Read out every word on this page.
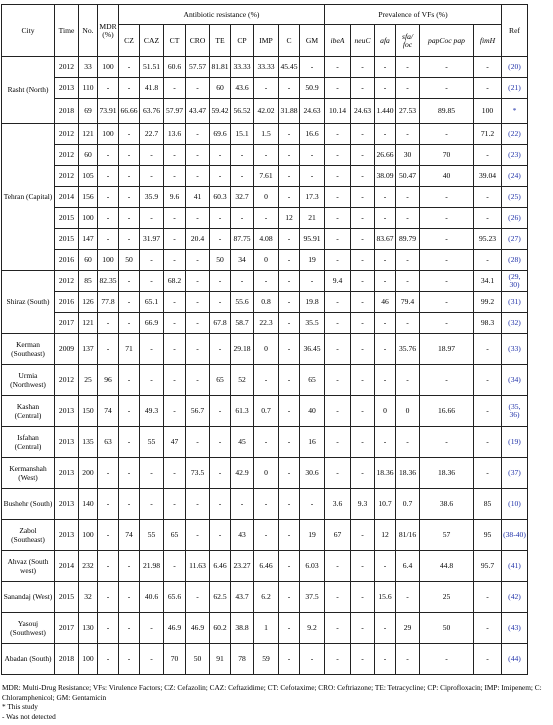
City	Time	No.	MDR (%)	Antibiotic resistance (%)									Prevalence of VFs (%)						Ref
				CZ	CAZ	CT	CRO	TE	CP	IMP	C	GM	ibeA	neuC	afa	sfa/ foc	papCoc pap	fimH	
Rasht (North)	2012	33	100	-	51.51	60.6	57.57	81.81	33.33	33.33	45.45	-	-	-	-	-	-	-	(20)
	2013	110	-	-	41.8	-	-	60	43.6	-	-	50.9	-	-	-	-	-	-	(21)
	2018	69	73.91	66.66	63.76	57.97	43.47	59.42	56.52	42.02	31.88	24.63	10.14	24.63	1.440	27.53	89.85	100	*
Tehran (Capital)	2012	121	100	-	22.7	13.6	-	69.6	15.1	1.5	-	16.6	-	-	-	-	-	71.2	(22)
	2012	60	-	-	-	-	-	-	-	-	-	-	-	-	26.66	30	70	-	(23)
	2012	105	-	-	-	-	-	-	-	7.61	-	-	-	-	38.09	50.47	40	39.04	(24)
	2014	156	-	-	35.9	9.6	41	60.3	32.7	0	-	17.3	-	-	-	-	-	-	(25)
	2015	100	-	-	-	-	-	-	-	-	12	21	-	-	-	-	-	-	(26)
	2015	147	-	-	31.97	-	20.4	-	87.75	4.08	-	95.91	-	-	83.67	89.79	-	95.23	(27)
	2016	60	100	50	-	-	-	50	34	0	-	19	-	-	-	-	-	-	(28)
Shiraz (South)	2012	85	82.35	-	-	68.2	-	-	-	-	-	-	9.4	-	-	-	-	34.1	(29, 30)
	2016	126	77.8	-	65.1	-	-	-	55.6	0.8	-	19.8	-	-	46	79.4	-	99.2	(31)
	2017	121	-	-	66.9	-	-	67.8	58.7	22.3	-	35.5	-	-	-	-	-	98.3	(32)
Kerman (Southeast)	2009	137	-	71	-	-	-	-	29.18	0	-	36.45	-	-	-	35.76	18.97	-	(33)
Urmia (Northwest)	2012	25	96	-	-	-	-	65	52	-	-	65	-	-	-	-	-	-	(34)
Kashan (Central)	2013	150	74	-	49.3	-	56.7	-	61.3	0.7	-	40	-	-	0	0	16.66	-	(35, 36)
Isfahan (Central)	2013	135	63	-	55	47	-	-	45	-	-	16	-	-	-	-	-	-	(19)
Kermanshah (West)	2013	200	-	-	-	-	73.5	-	42.9	0	-	30.6	-	-	18.36	18.36	18.36	-	(37)
Bushehr (South)	2013	140	-	-	-	-	-	-	-	-	-	-	3.6	9.3	10.7	0.7	38.6	85	(10)
Zabol (Southeast)	2013	100	-	74	55	65	-	-	43	-	-	19	67	-	12	81/16	57	95	(38-40)
Ahvaz (South west)	2014	232	-	-	21.98	-	11.63	6.46	23.27	6.46	-	6.03	-	-	-	6.4	44.8	95.7	(41)
Sanandaj (West)	2015	32	-	-	40.6	65.6	-	62.5	43.7	6.2	-	37.5	-	-	15.6	-	25	-	(42)
Yasouj (Southwest)	2017	130	-	-	-	46.9	46.9	60.2	38.8	1	-	9.2	-	-	-	29	50	-	(43)
Abadan (South)	2018	100	-	-	-	70	50	91	78	59	-	-	-	-	-	-	-	-	(44)
MDR: Multi-Drug Resistance; VFs: Virulence Factors; CZ: Cefazolin; CAZ: Ceftazidime; CT: Cefotaxime; CRO: Ceftriazone; TE: Tetracycline; CP: Ciprofloxacin; IMP: Imipenem; C: Chloramphenicol; GM: Gentamicin
* This study
- Was not detected
